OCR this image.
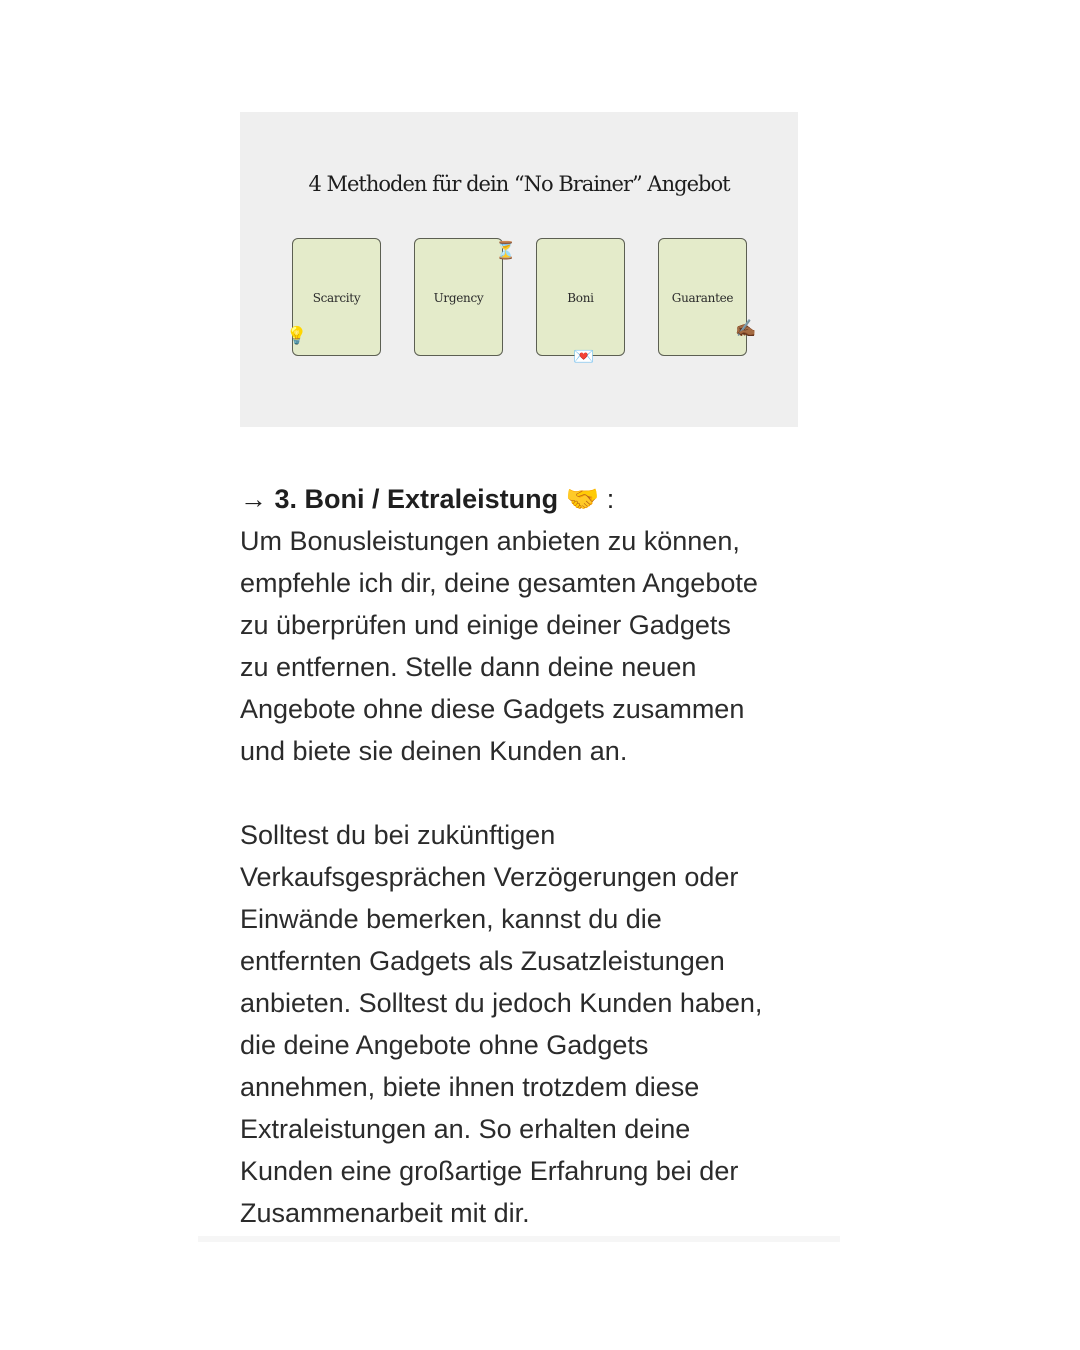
4 Methoden für dein “No Brainer” Angebot
Scarcity
💡
Urgency
⏳
Boni
💌
Guarantee
✍🏾
→ 3. Boni / Extraleistung 🤝 :

Um Bonusleistungen anbieten zu können,
empfehle ich dir, deine gesamten Angebote
zu überprüfen und einige deiner Gadgets
zu entfernen. Stelle dann deine neuen
Angebote ohne diese Gadgets zusammen
und biete sie deinen Kunden an.

Solltest du bei zukünftigen
Verkaufsgesprächen Verzögerungen oder
Einwände bemerken, kannst du die
entfernten Gadgets als Zusatzleistungen
anbieten. Solltest du jedoch Kunden haben,
die deine Angebote ohne Gadgets
annehmen, biete ihnen trotzdem diese
Extraleistungen an. So erhalten deine
Kunden eine großartige Erfahrung bei der
Zusammenarbeit mit dir.
